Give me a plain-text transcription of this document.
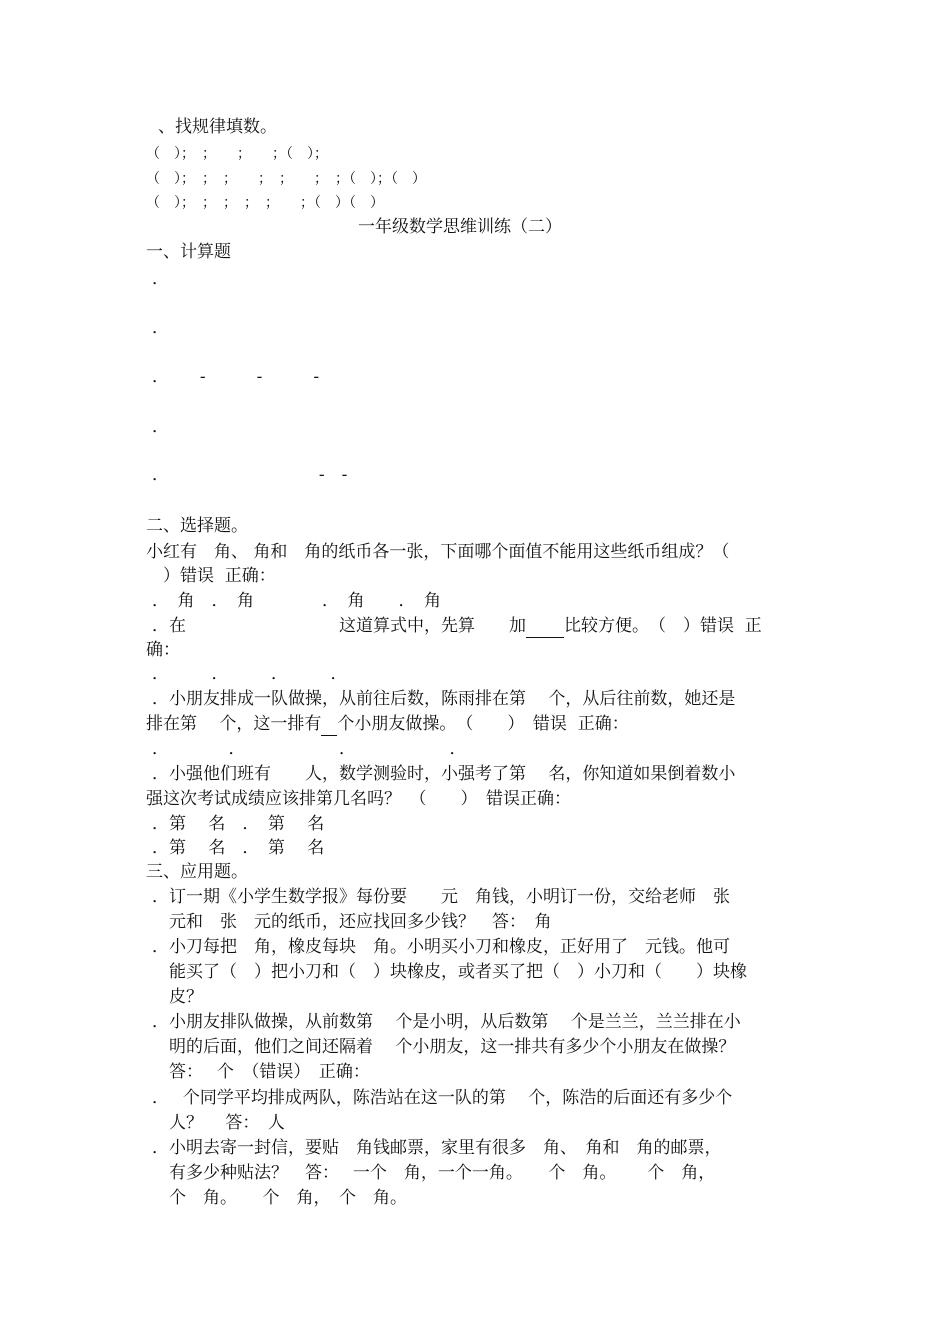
、找规律填数。
（　）；　；　　；　　；（　）；
（　）；　；　；　　；　；　　；　；（　）；（　）
（　）；　；　；　；　；　　；（　）（　）
一年级数学思维训练（二）
一、计算题
．
．
．　　 -　　　-　　　-
．
．　　　　　　　　　 -　-
二、选择题。
小红有　角、 角和　角的纸币各一张，下面哪个面值不能用这些纸币组成？（
　）错误  正确：
．　角　．　角　　　　．　角　　．　角
．在　　　　　　　　　这道算式中，先算　　加 比较方便。　（　）错误  正
确：
．　　　．　　　．　　　．
．小朋友排成一队做操，从前往后数，陈雨排在第　 个，从后往前数，她还是
排在第　 个，这一排有 个小朋友做操。　（　　）　错误  正确：
．　　　　．　　　　　　．　　　　　　．
．小强他们班有　　人，数学测验时，小强考了第　 名，你知道如果倒着数小
强这次考试成绩应该排第几名吗？　（　　）　错误正确：
．第　 名　．　第　 名
．第　 名　．　第　 名
三、应用题。
．订一期《小学生数学报》每份要　　元　角钱，小明订一份，交给老师　张
　元和　张　元的纸币，还应找回多少钱？　答：　角
．小刀每把　角，橡皮每块　角。小明买小刀和橡皮，正好用了　元钱。他可
　能买了（　）把小刀和（　）块橡皮，或者买了把（　）小刀和（　　）块橡
　皮？
．小朋友排队做操，从前数第　 个是小明，从后数第　 个是兰兰，兰兰排在小
　明的后面，他们之间还隔着　 个小朋友，这一排共有多少个小朋友在做操？
　答：　 个　（错误）　正确：
．　 个同学平均排成两队，陈浩站在这一队的第　 个，陈浩的后面还有多少个
　人？　 答：　人
．小明去寄一封信，要贴　角钱邮票，家里有很多　角、　角和　角的邮票，
　有多少种贴法？　答：　 一个　角，一个一角。　　个　角。　　 个　角，
　个　角。　　个　角，　个　角。
